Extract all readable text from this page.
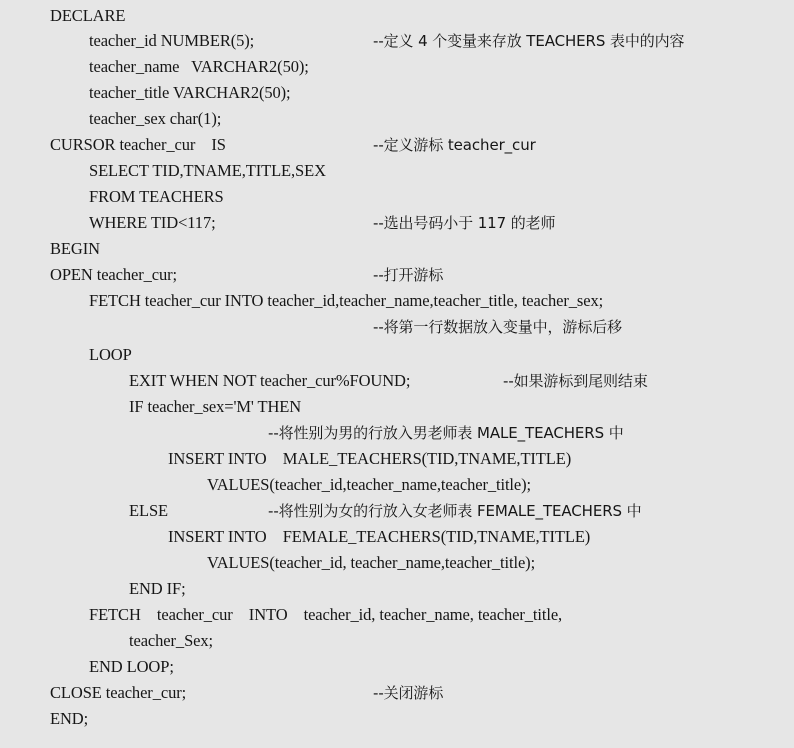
DECLARE
teacher_id NUMBER(5);	--定义 4 个变量来存放 TEACHERS 表中的内容
teacher_name   VARCHAR2(50);
teacher_title VARCHAR2(50);
teacher_sex char(1);
CURSOR teacher_cur    IS	--定义游标 teacher_cur
SELECT TID,TNAME,TITLE,SEX
FROM TEACHERS
WHERE TID<117;	--选出号码小于 117 的老师
BEGIN
OPEN teacher_cur;	--打开游标
FETCH teacher_cur INTO teacher_id,teacher_name,teacher_title, teacher_sex;
--将第一行数据放入变量中，游标后移
LOOP
EXIT WHEN NOT teacher_cur%FOUND;	--如果游标到尾则结束
IF teacher_sex='M' THEN
--将性别为男的行放入男老师表 MALE_TEACHERS 中
INSERT INTO    MALE_TEACHERS(TID,TNAME,TITLE)
VALUES(teacher_id,teacher_name,teacher_title);
ELSE	--将性别为女的行放入女老师表 FEMALE_TEACHERS 中
INSERT INTO    FEMALE_TEACHERS(TID,TNAME,TITLE)
VALUES(teacher_id, teacher_name,teacher_title);
END IF;
FETCH    teacher_cur    INTO    teacher_id, teacher_name, teacher_title,
teacher_Sex;
END LOOP;
CLOSE teacher_cur;	--关闭游标
END;
